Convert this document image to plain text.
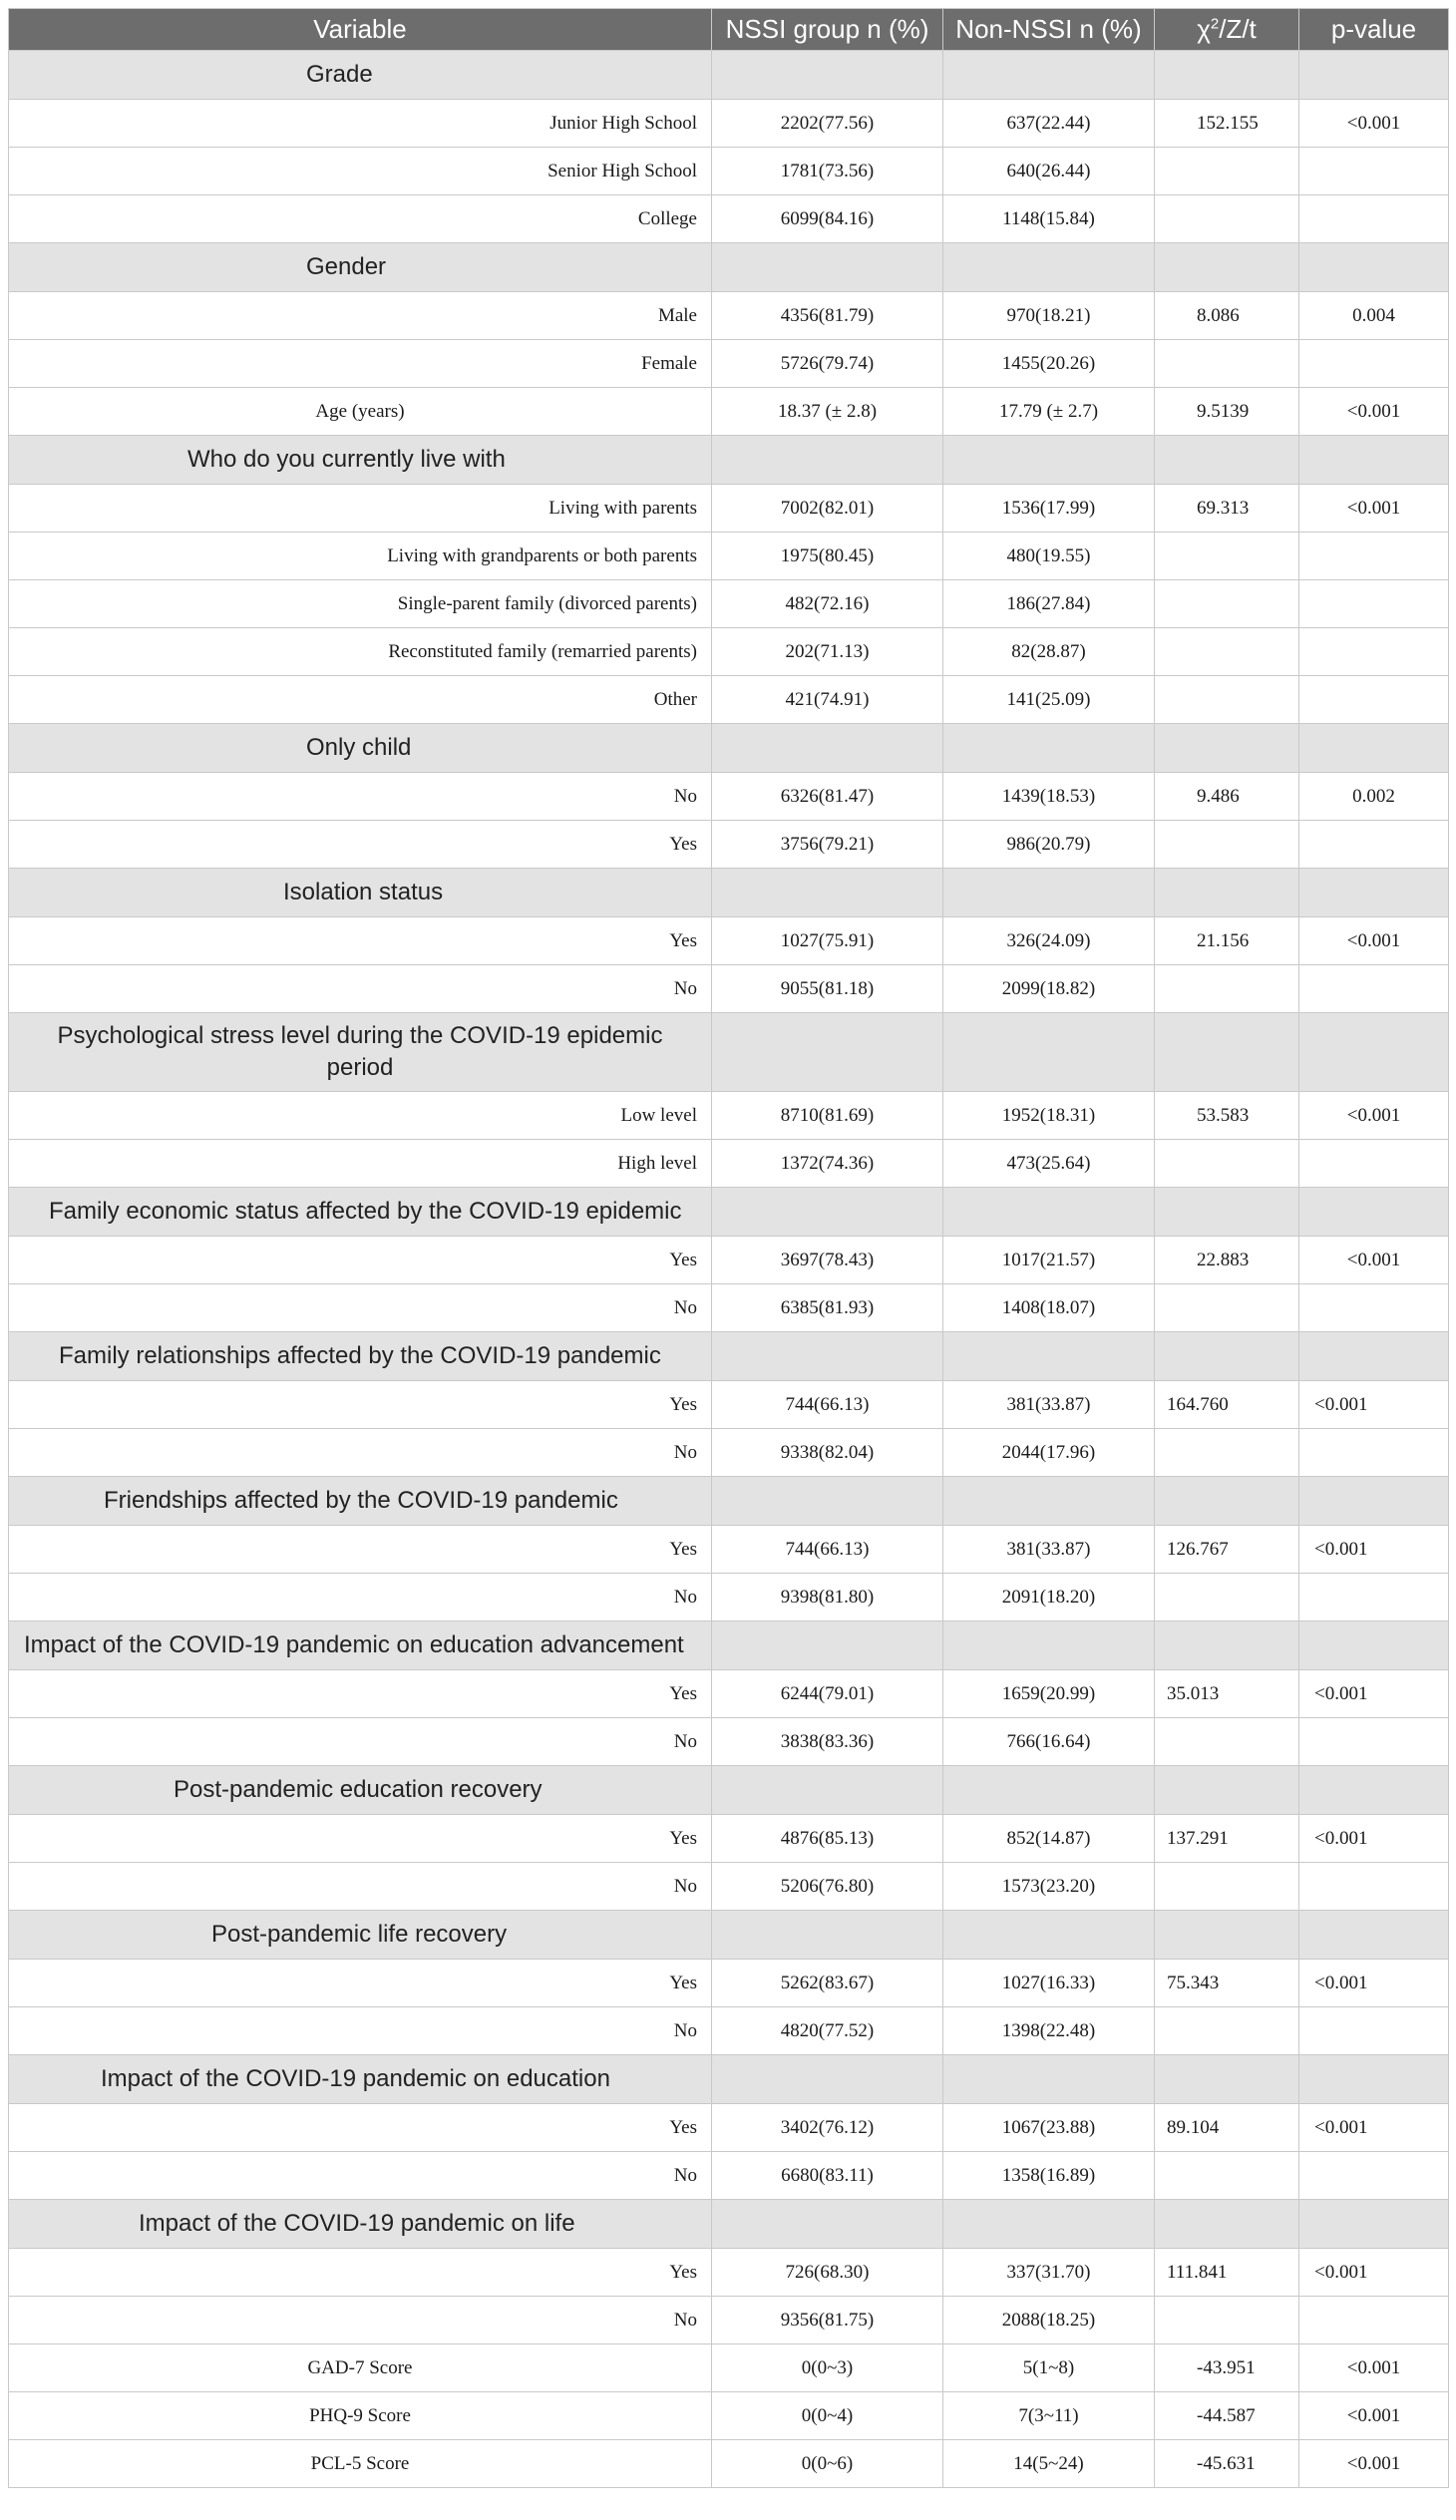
Variable	NSSI group n (%)	Non-NSSI n (%)	$\chi^2/Z/t$	p-value
Grade				
Junior High School	2202(77.56)	637(22.44)	152.155	<0.001
Senior High School	1781(73.56)	640(26.44)		
College	6099(84.16)	1148(15.84)		
Gender				
Male	4356(81.79)	970(18.21)	8.086	0.004
Female	5726(79.74)	1455(20.26)		
Age (years)	18.37 (± 2.8)	17.79 (± 2.7)	9.5139	<0.001
Who do you currently live with				
Living with parents	7002(82.01)	1536(17.99)	69.313	<0.001
Living with grandparents or both parents	1975(80.45)	480(19.55)		
Single-parent family (divorced parents)	482(72.16)	186(27.84)		
Reconstituted family (remarried parents)	202(71.13)	82(28.87)		
Other	421(74.91)	141(25.09)		
Only child				
No	6326(81.47)	1439(18.53)	9.486	0.002
Yes	3756(79.21)	986(20.79)		
Isolation status				
Yes	1027(75.91)	326(24.09)	21.156	<0.001
No	9055(81.18)	2099(18.82)		
Psychological stress level during the COVID-19 epidemic period				
Low level	8710(81.69)	1952(18.31)	53.583	<0.001
High level	1372(74.36)	473(25.64)		
Family economic status affected by the COVID-19 epidemic				
Yes	3697(78.43)	1017(21.57)	22.883	<0.001
No	6385(81.93)	1408(18.07)		
Family relationships affected by the COVID-19 pandemic				
Yes	744(66.13)	381(33.87)	164.760	<0.001
No	9338(82.04)	2044(17.96)		
Friendships affected by the COVID-19 pandemic				
Yes	744(66.13)	381(33.87)	126.767	<0.001
No	9398(81.80)	2091(18.20)		
Impact of the COVID-19 pandemic on education advancement				
Yes	6244(79.01)	1659(20.99)	35.013	<0.001
No	3838(83.36)	766(16.64)		
Post-pandemic education recovery				
Yes	4876(85.13)	852(14.87)	137.291	<0.001
No	5206(76.80)	1573(23.20)		
Post-pandemic life recovery				
Yes	5262(83.67)	1027(16.33)	75.343	<0.001
No	4820(77.52)	1398(22.48)		
Impact of the COVID-19 pandemic on education				
Yes	3402(76.12)	1067(23.88)	89.104	<0.001
No	6680(83.11)	1358(16.89)		
Impact of the COVID-19 pandemic on life				
Yes	726(68.30)	337(31.70)	111.841	<0.001
No	9356(81.75)	2088(18.25)		
GAD-7 Score	0(0~3)	5(1~8)	-43.951	<0.001
PHQ-9 Score	0(0~4)	7(3~11)	-44.587	<0.001
PCL-5 Score	0(0~6)	14(5~24)	-45.631	<0.001
